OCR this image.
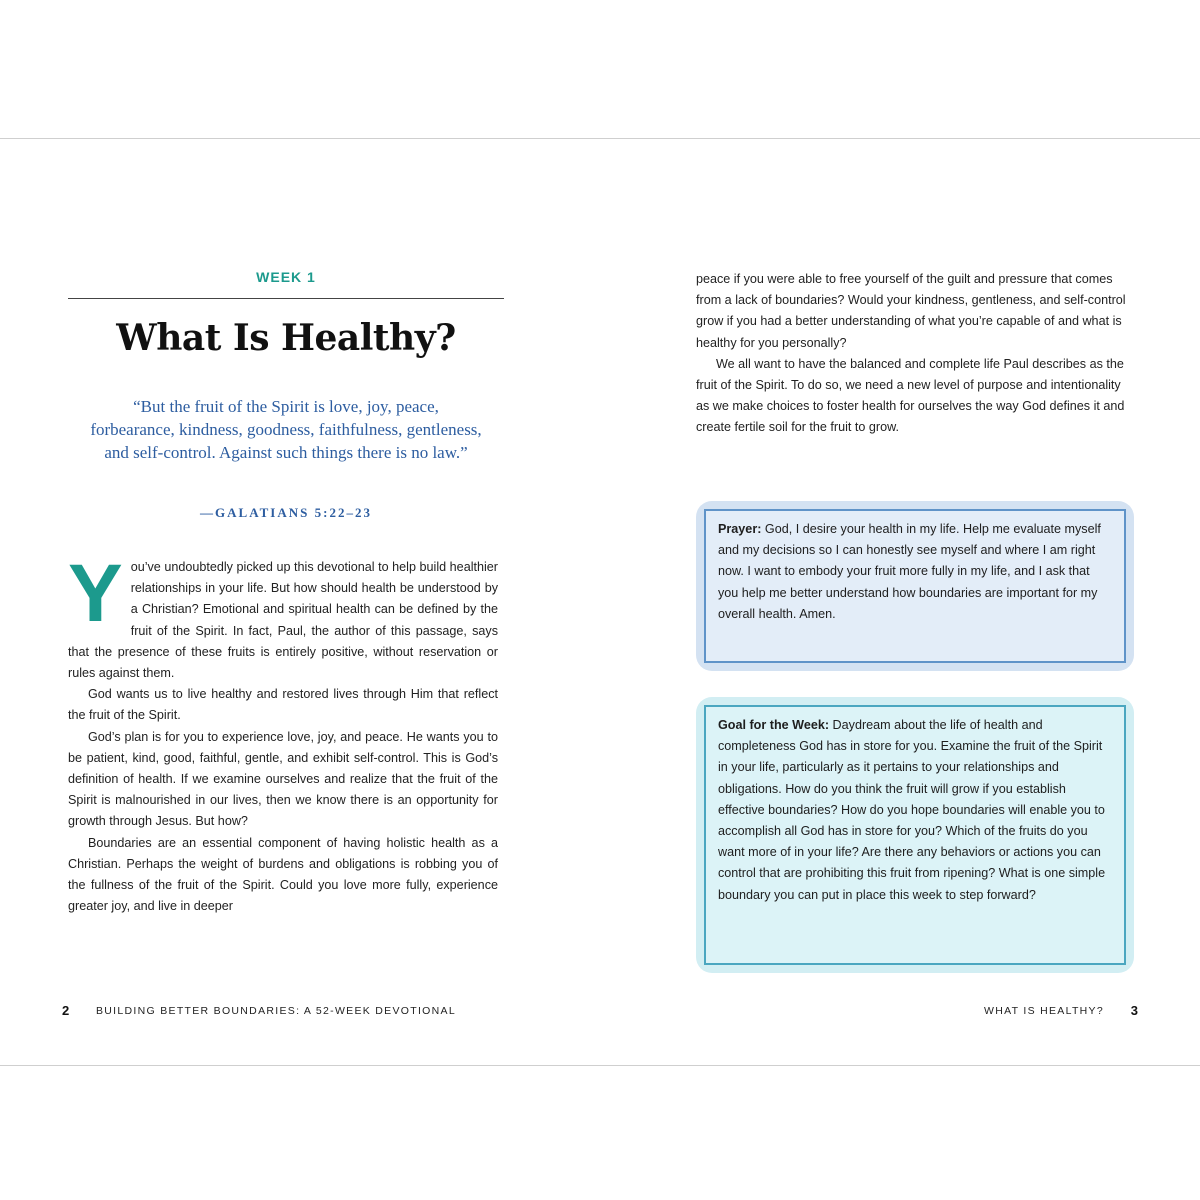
WEEK 1
What Is Healthy?
“But the fruit of the Spirit is love, joy, peace, forbearance, kindness, goodness, faithfulness, gentleness, and self-control. Against such things there is no law.”
—GALATIANS 5:22–23

You’ve undoubtedly picked up this devotional to help build healthier relationships in your life. But how should health be understood by a Christian? Emotional and spiritual health can be defined by the fruit of the Spirit. In fact, Paul, the author of this passage, says that the presence of these fruits is entirely positive, without reservation or rules against them.

God wants us to live healthy and restored lives through Him that reflect the fruit of the Spirit.

God’s plan is for you to experience love, joy, and peace. He wants you to be patient, kind, good, faithful, gentle, and exhibit self-control. This is God’s definition of health. If we examine ourselves and realize that the fruit of the Spirit is malnourished in our lives, then we know there is an opportunity for growth through Jesus. But how?

Boundaries are an essential component of having holistic health as a Christian. Perhaps the weight of burdens and obligations is robbing you of the fullness of the fruit of the Spirit. Could you love more fully, experience greater joy, and live in deeper

2	BUILDING BETTER BOUNDARIES: A 52-WEEK DEVOTIONAL

peace if you were able to free yourself of the guilt and pressure that comes from a lack of boundaries? Would your kindness, gentleness, and self-control grow if you had a better understanding of what you’re capable of and what is healthy for you personally?

We all want to have the balanced and complete life Paul describes as the fruit of the Spirit. To do so, we need a new level of purpose and intentionality as we make choices to foster health for ourselves the way God defines it and create fertile soil for the fruit to grow.

Prayer: God, I desire your health in my life. Help me evaluate myself and my decisions so I can honestly see myself and where I am right now. I want to embody your fruit more fully in my life, and I ask that you help me better understand how boundaries are important for my overall health. Amen.
Goal for the Week: Daydream about the life of health and completeness God has in store for you. Examine the fruit of the Spirit in your life, particularly as it pertains to your relationships and obligations. How do you think the fruit will grow if you establish effective boundaries? How do you hope boundaries will enable you to accomplish all God has in store for you? Which of the fruits do you want more of in your life? Are there any behaviors or actions you can control that are prohibiting this fruit from ripening? What is one simple boundary you can put in place this week to step forward?
WHAT IS HEALTHY? 3
